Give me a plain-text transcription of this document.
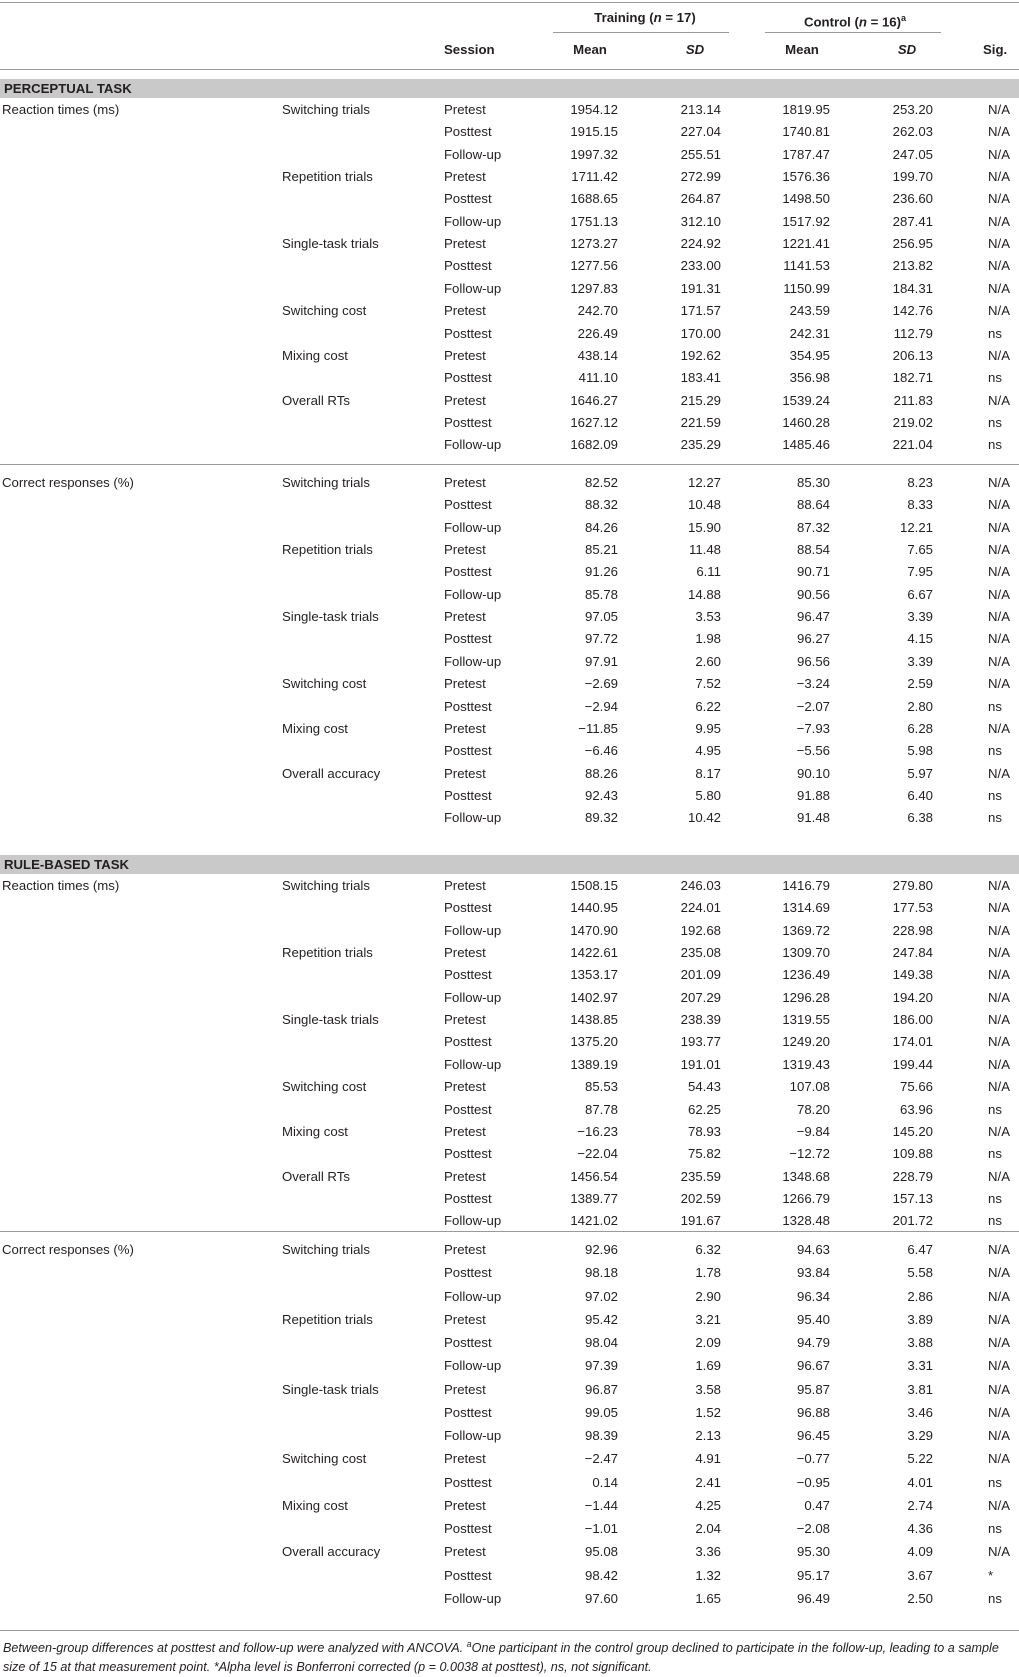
Training (n = 17)	Control (n = 16)$^a$
Session	Mean	SD	Mean	SD	Sig.
PERCEPTUAL TASK
Reaction times (ms)	Switching trials	Pretest	1954.12	213.14	1819.95	253.20	N/A
Posttest	1915.15	227.04	1740.81	262.03	N/A
Follow-up	1997.32	255.51	1787.47	247.05	N/A
Repetition trials	Pretest	1711.42	272.99	1576.36	199.70	N/A
Posttest	1688.65	264.87	1498.50	236.60	N/A
Follow-up	1751.13	312.10	1517.92	287.41	N/A
Single-task trials	Pretest	1273.27	224.92	1221.41	256.95	N/A
Posttest	1277.56	233.00	1141.53	213.82	N/A
Follow-up	1297.83	191.31	1150.99	184.31	N/A
Switching cost	Pretest	242.70	171.57	243.59	142.76	N/A
Posttest	226.49	170.00	242.31	112.79	ns
Mixing cost	Pretest	438.14	192.62	354.95	206.13	N/A
Posttest	411.10	183.41	356.98	182.71	ns
Overall RTs	Pretest	1646.27	215.29	1539.24	211.83	N/A
Posttest	1627.12	221.59	1460.28	219.02	ns
Follow-up	1682.09	235.29	1485.46	221.04	ns
Correct responses (%)	Switching trials	Pretest	82.52	12.27	85.30	8.23	N/A
Posttest	88.32	10.48	88.64	8.33	N/A
Follow-up	84.26	15.90	87.32	12.21	N/A
Repetition trials	Pretest	85.21	11.48	88.54	7.65	N/A
Posttest	91.26	6.11	90.71	7.95	N/A
Follow-up	85.78	14.88	90.56	6.67	N/A
Single-task trials	Pretest	97.05	3.53	96.47	3.39	N/A
Posttest	97.72	1.98	96.27	4.15	N/A
Follow-up	97.91	2.60	96.56	3.39	N/A
Switching cost	Pretest	−2.69	7.52	−3.24	2.59	N/A
Posttest	−2.94	6.22	−2.07	2.80	ns
Mixing cost	Pretest	−11.85	9.95	−7.93	6.28	N/A
Posttest	−6.46	4.95	−5.56	5.98	ns
Overall accuracy	Pretest	88.26	8.17	90.10	5.97	N/A
Posttest	92.43	5.80	91.88	6.40	ns
Follow-up	89.32	10.42	91.48	6.38	ns
RULE-BASED TASK
Reaction times (ms)	Switching trials	Pretest	1508.15	246.03	1416.79	279.80	N/A
Posttest	1440.95	224.01	1314.69	177.53	N/A
Follow-up	1470.90	192.68	1369.72	228.98	N/A
Repetition trials	Pretest	1422.61	235.08	1309.70	247.84	N/A
Posttest	1353.17	201.09	1236.49	149.38	N/A
Follow-up	1402.97	207.29	1296.28	194.20	N/A
Single-task trials	Pretest	1438.85	238.39	1319.55	186.00	N/A
Posttest	1375.20	193.77	1249.20	174.01	N/A
Follow-up	1389.19	191.01	1319.43	199.44	N/A
Switching cost	Pretest	85.53	54.43	107.08	75.66	N/A
Posttest	87.78	62.25	78.20	63.96	ns
Mixing cost	Pretest	−16.23	78.93	−9.84	145.20	N/A
Posttest	−22.04	75.82	−12.72	109.88	ns
Overall RTs	Pretest	1456.54	235.59	1348.68	228.79	N/A
Posttest	1389.77	202.59	1266.79	157.13	ns
Follow-up	1421.02	191.67	1328.48	201.72	ns
Correct responses (%)	Switching trials	Pretest	92.96	6.32	94.63	6.47	N/A
Posttest	98.18	1.78	93.84	5.58	N/A
Follow-up	97.02	2.90	96.34	2.86	N/A
Repetition trials	Pretest	95.42	3.21	95.40	3.89	N/A
Posttest	98.04	2.09	94.79	3.88	N/A
Follow-up	97.39	1.69	96.67	3.31	N/A
Single-task trials	Pretest	96.87	3.58	95.87	3.81	N/A
Posttest	99.05	1.52	96.88	3.46	N/A
Follow-up	98.39	2.13	96.45	3.29	N/A
Switching cost	Pretest	−2.47	4.91	−0.77	5.22	N/A
Posttest	0.14	2.41	−0.95	4.01	ns
Mixing cost	Pretest	−1.44	4.25	0.47	2.74	N/A
Posttest	−1.01	2.04	−2.08	4.36	ns
Overall accuracy	Pretest	95.08	3.36	95.30	4.09	N/A
Posttest	98.42	1.32	95.17	3.67	*
Follow-up	97.60	1.65	96.49	2.50	ns
Between-group differences at posttest and follow-up were analyzed with ANCOVA. $^a$One participant in the control group declined to participate in the follow-up, leading to a sample size of 15 at that measurement point. *Alpha level is Bonferroni corrected (p = 0.0038 at posttest), ns, not significant.
